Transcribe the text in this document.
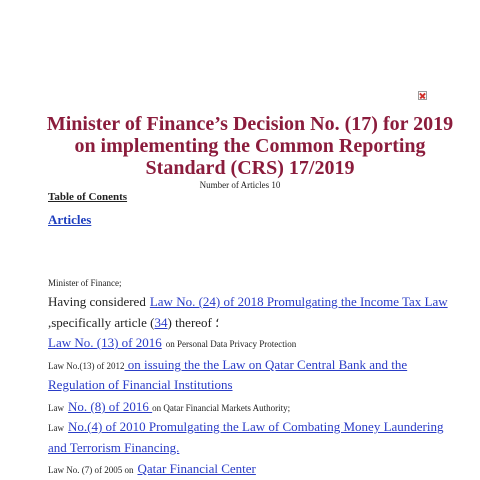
Minister of Finance’s Decision No. (17) for 2019
on implementing the Common Reporting
Standard (CRS) 17/2019
Number of Articles 10
Table of Conents
Articles
Minister of Finance;
Having considered Law No. (24) of 2018 Promulgating the Income Tax Law
,specifically article (34) thereof ؛
Law No. (13) of 2016 on Personal Data Privacy Protection
Law No.(13) of 2012 on issuing the the Law on Qatar Central Bank and the
Regulation of Financial Institutions
Law No. (8) of 2016 on Qatar Financial Markets Authority;
Law No.(4) of 2010 Promulgating the Law of Combating Money Laundering
and Terrorism Financing.
Law No. (7) of 2005 on Qatar Financial Center
